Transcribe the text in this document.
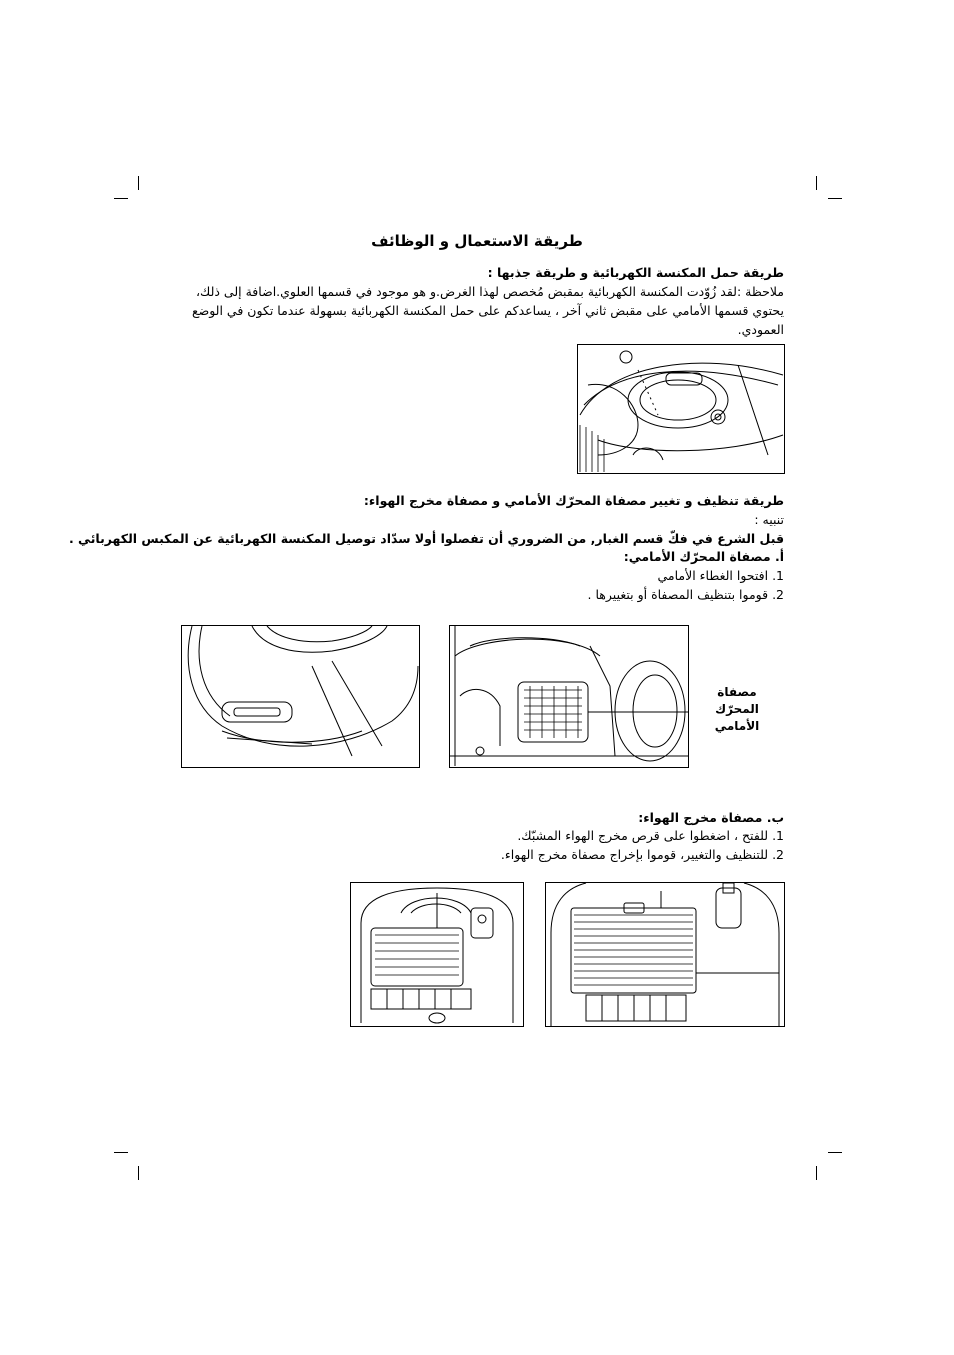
طريقة الاستعمال و الوظائف
طريقة حمل المكنسة الكهربائية و طريقة جذبها :
ملاحظة :لقد زُوّدت المكنسة الكهربائية بمقبض مُخصص لهذا الغرض.و هو موجود في قسمها العلوي.اضافة إلى ذلك، يحتوي قسمها الأمامي على مقبض ثاني آخر ، يساعدكم على حمل المكنسة الكهربائية بسهولة عندما تكون في الوضع العمودي.
طريقة تنظيف و تغيير مصفاة المحرّك الأمامي و مصفاة مخرج الهواء:
تنبيه :
قبل الشرع في فكّ قسم الغبار, من الضروري أن تفصلوا أولا سدّاد توصيل المكنسة الكهربائية عن المكبس الكهربائي .
أ. مصفاة المحرّك الأمامي:
1. افتحوا الغطاء الأمامي
2. قوموا بتنظيف المصفاة أو بتغييرها .
مصفاة
المحرّك
الأمامي
ب. مصفاة مخرج الهواء:
1. للفتح ، اضغطوا على قرص مخرج الهواء المشبّك.
2. للتنظيف والتغيير، قوموا بإخراج مصفاة مخرج الهواء.
